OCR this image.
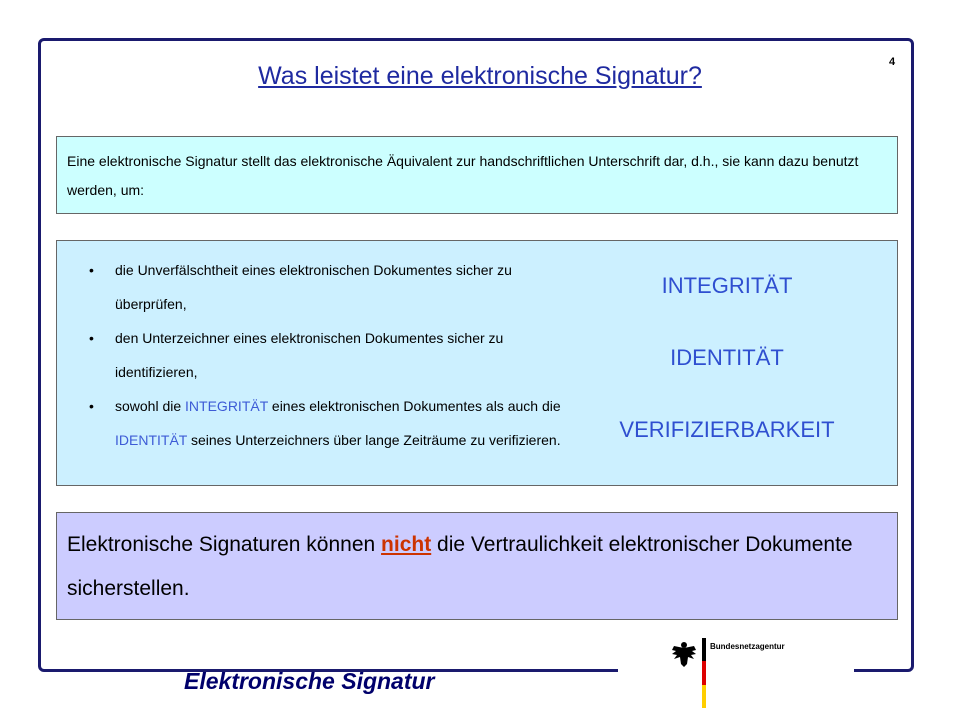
4
Was leistet eine elektronische Signatur?
Eine elektronische Signatur stellt das elektronische Äquivalent zur handschriftlichen Unterschrift dar, d.h., sie kann dazu benutzt werden, um:
• die Unverfälschtheit eines elektronischen Dokumentes sicher zu überprüfen,
• den Unterzeichner eines elektronischen Dokumentes sicher zu identifizieren,
• sowohl die INTEGRITÄT eines elektronischen Dokumentes als auch die IDENTITÄT seines Unterzeichners über lange Zeiträume zu verifizieren.
INTEGRITÄT
IDENTITÄT
VERIFIZIERBARKEIT
Elektronische Signaturen können nicht die Vertraulichkeit elektronischer Dokumente sicherstellen.
Elektronische Signatur
Bundesnetzagentur
